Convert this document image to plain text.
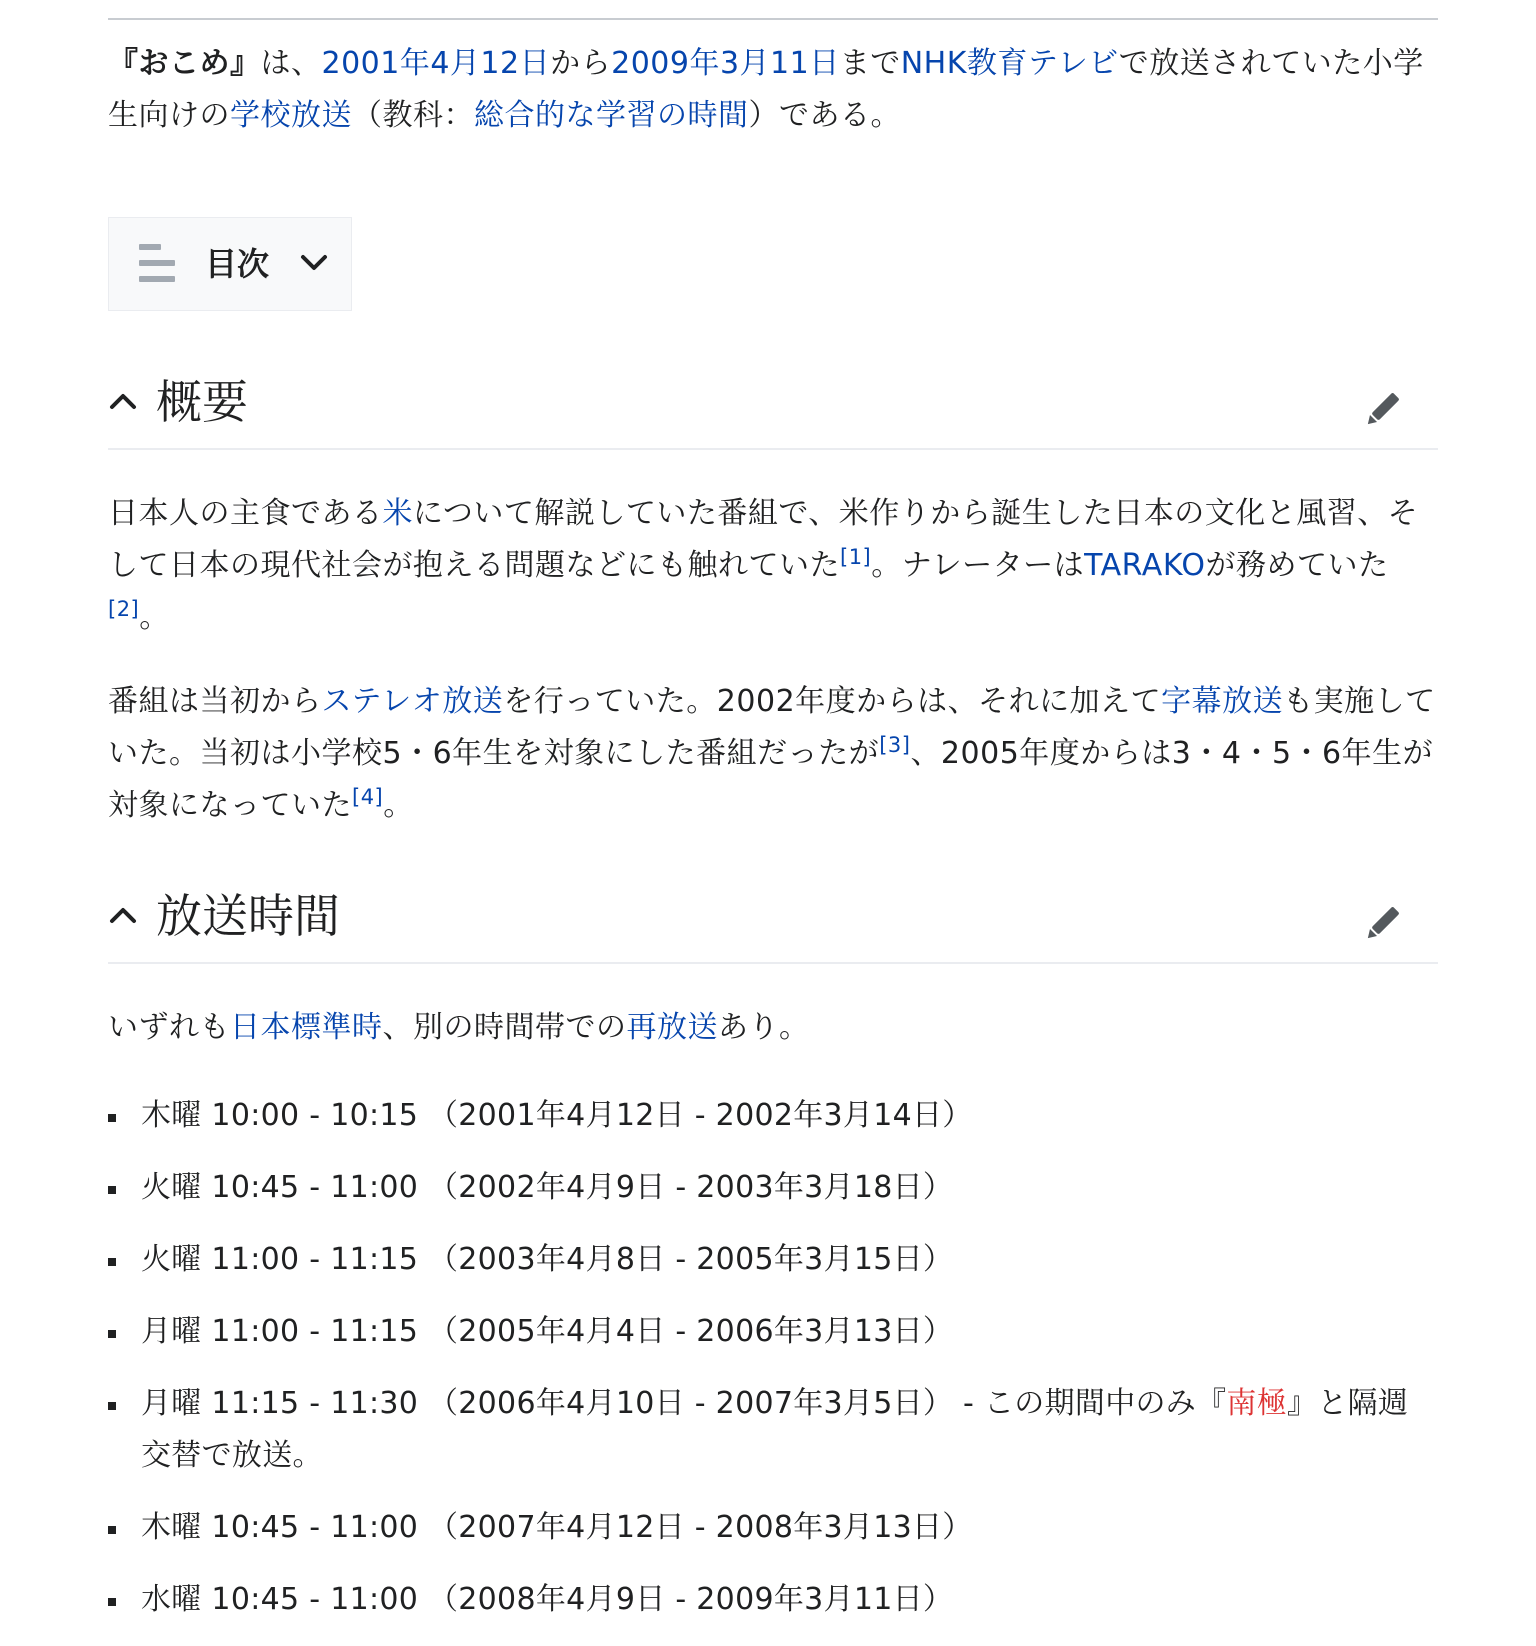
『おこめ』は、2001年4月12日から2009年3月11日までNHK教育テレビで放送されていた小学生向けの学校放送（教科：総合的な学習の時間）である。

目次
概要

日本人の主食である米について解説していた番組で、米作りから誕生した日本の文化と風習、そして日本の現代社会が抱える問題などにも触れていた[1]。ナレーターはTARAKOが務めていた[2]。

番組は当初からステレオ放送を行っていた。2002年度からは、それに加えて字幕放送も実施していた。当初は小学校5・6年生を対象にした番組だったが[3]、2005年度からは3・4・5・6年生が対象になっていた[4]。

放送時間

いずれも日本標準時、別の時間帯での再放送あり。

木曜 10:00 - 10:15 （2001年4月12日 - 2002年3月14日）
火曜 10:45 - 11:00 （2002年4月9日 - 2003年3月18日）
火曜 11:00 - 11:15 （2003年4月8日 - 2005年3月15日）
月曜 11:00 - 11:15 （2005年4月4日 - 2006年3月13日）
月曜 11:15 - 11:30 （2006年4月10日 - 2007年3月5日） - この期間中のみ『南極』と隔週交替で放送。
木曜 10:45 - 11:00 （2007年4月12日 - 2008年3月13日）
水曜 10:45 - 11:00 （2008年4月9日 - 2009年3月11日）
